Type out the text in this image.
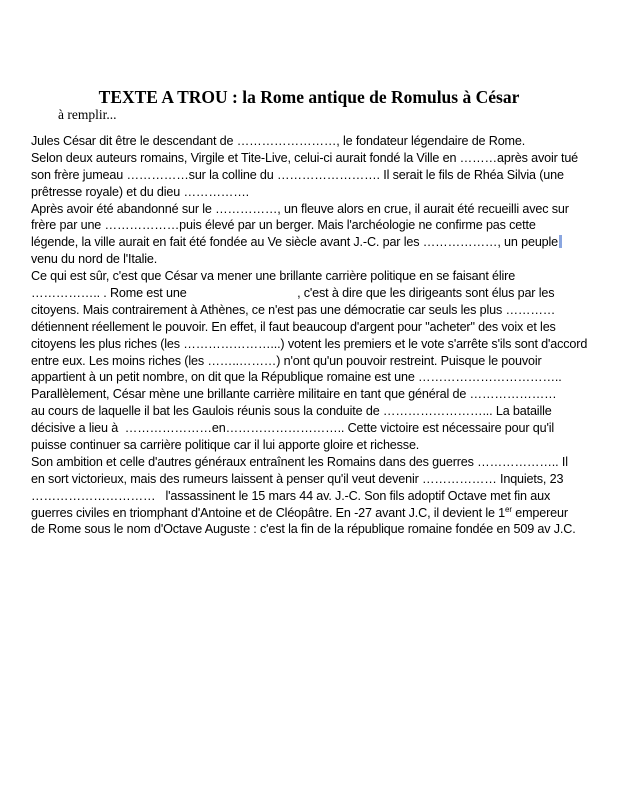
TEXTE A TROU : la Rome antique de Romulus à César
à remplir...
Jules César dit être le descendant de ……………………, le fondateur légendaire de Rome.
Selon deux auteurs romains, Virgile et Tite-Live, celui-ci aurait fondé la Ville en ………après avoir tué
son frère jumeau ……………sur la colline du ……………………. Il serait le fils de Rhéa Silvia (une
prêtresse royale) et du dieu …………….
Après avoir été abandonné sur le ……………, un fleuve alors en crue, il aurait été recueilli avec sur
frère par une ………………puis élevé par un berger. Mais l'archéologie ne confirme pas cette
légende, la ville aurait en fait été fondée au Ve siècle avant J.-C. par les ………………, un peuple
venu du nord de l'Italie.
Ce qui est sûr, c'est que César va mener une brillante carrière politique en se faisant élire
…………….. . Rome est une                                 , c'est à dire que les dirigeants sont élus par les
citoyens. Mais contrairement à Athènes, ce n'est pas une démocratie car seuls les plus …………
détiennent réellement le pouvoir. En effet, il faut beaucoup d'argent pour "acheter" des voix et les
citoyens les plus riches (les …………………...) votent les premiers et le vote s'arrête s'ils sont d'accord
entre eux. Les moins riches (les ……..………) n'ont qu'un pouvoir restreint. Puisque le pouvoir
appartient à un petit nombre, on dit que la République romaine est une ……………………………..
Parallèlement, César mène une brillante carrière militaire en tant que général de …………………
au cours de laquelle il bat les Gaulois réunis sous la conduite de ……………………... La bataille
décisive a lieu à  …………………en……………………….. Cette victoire est nécessaire pour qu'il
puisse continuer sa carrière politique car il lui apporte gloire et richesse.
Son ambition et celle d'autres généraux entraînent les Romains dans des guerres ……………….. Il
en sort victorieux, mais des rumeurs laissent à penser qu'il veut devenir ……………… Inquiets, 23
…………………………   l'assassinent le 15 mars 44 av. J.-C. Son fils adoptif Octave met fin aux
guerres civiles en triomphant d'Antoine et de Cléopâtre. En -27 avant J.C, il devient le 1er empereur
de Rome sous le nom d'Octave Auguste : c'est la fin de la république romaine fondée en 509 av J.C.
